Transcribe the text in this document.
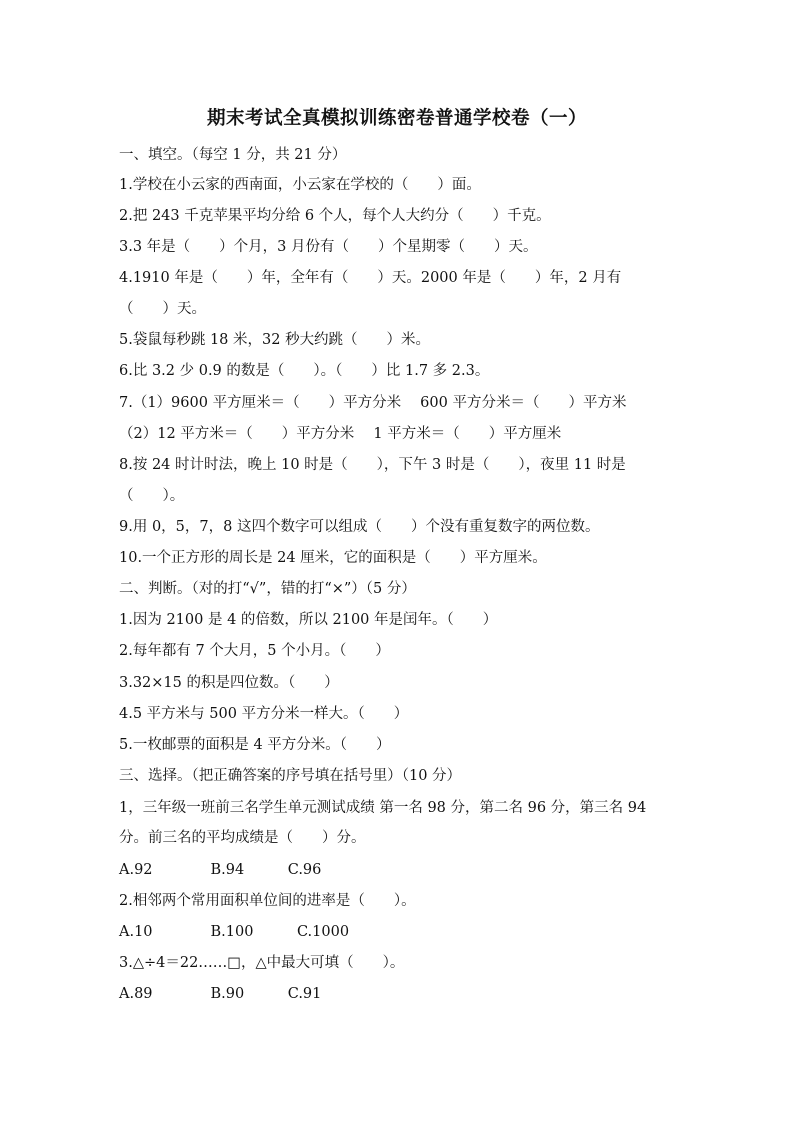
期末考试全真模拟训练密卷普通学校卷（一）
一、填空。（每空 1 分，共 21 分）
1.学校在小云家的西南面，小云家在学校的（　　）面。
2.把 243 千克苹果平均分给 6 个人，每个人大约分（　　）千克。
3.3 年是（　　）个月，3 月份有（　　）个星期零（　　）天。
4.1910 年是（　　）年，全年有（　　）天。2000 年是（　　）年，2 月有
（　　）天。
5.袋鼠每秒跳 18 米，32 秒大约跳（　　）米。
6.比 3.2 少 0.9 的数是（　　）。（　　）比 1.7 多 2.3。
7.（1）9600 平方厘米＝（　　）平方分米　 600 平方分米＝（　　）平方米
（2）12 平方米＝（　　）平方分米　 1 平方米＝（　　）平方厘米
8.按 24 时计时法，晚上 10 时是（　　），下午 3 时是（　　），夜里 11 时是
（　　）。
9.用 0，5，7，8 这四个数字可以组成（　　）个没有重复数字的两位数。
10.一个正方形的周长是 24 厘米，它的面积是（　　）平方厘米。
二、判断。（对的打“√”，错的打“×”）（5 分）
1.因为 2100 是 4 的倍数，所以 2100 年是闰年。（　　）
2.每年都有 7 个大月，5 个小月。（　　）
3.32×15 的积是四位数。（　　）
4.5 平方米与 500 平方分米一样大。（　　）
5.一枚邮票的面积是 4 平方分米。（　　）
三、选择。（把正确答案的序号填在括号里）（10 分）
1，三年级一班前三名学生单元测试成绩 第一名 98 分，第二名 96 分，第三名 94
分。前三名的平均成绩是（　　）分。
A.92　　　　B.94　　　C.96
2.相邻两个常用面积单位间的进率是（　　）。
A.10　　　　B.100　　　C.1000
3.△÷4＝22……□，△中最大可填（　　）。
A.89　　　　B.90　　　C.91
